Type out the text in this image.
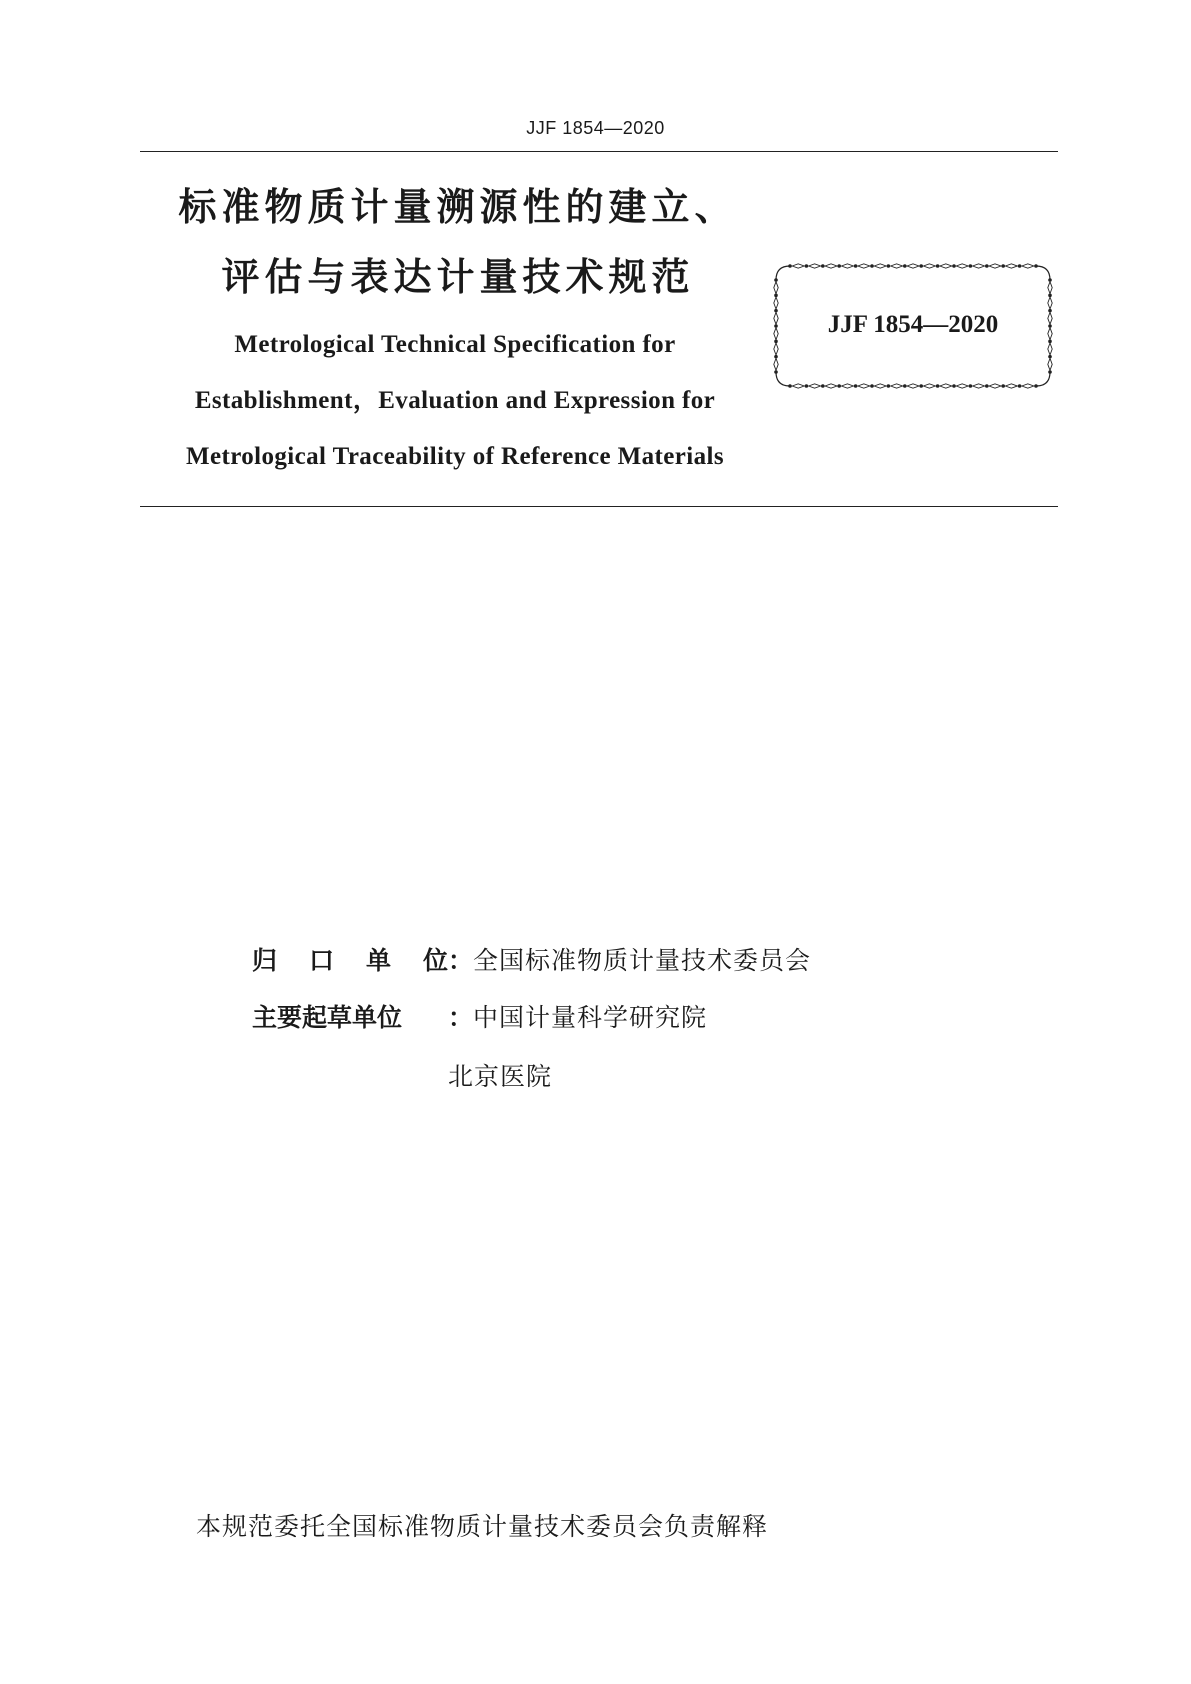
JJF 1854—2020
标准物质计量溯源性的建立、
评估与表达计量技术规范
Metrological Technical Specification for
Establishment，Evaluation and Expression for
Metrological Traceability of Reference Materials
JJF 1854—2020
归口单位：全国标准物质计量技术委员会
主要起草单位 ：中国计量科学研究院
北京医院
本规范委托全国标准物质计量技术委员会负责解释
